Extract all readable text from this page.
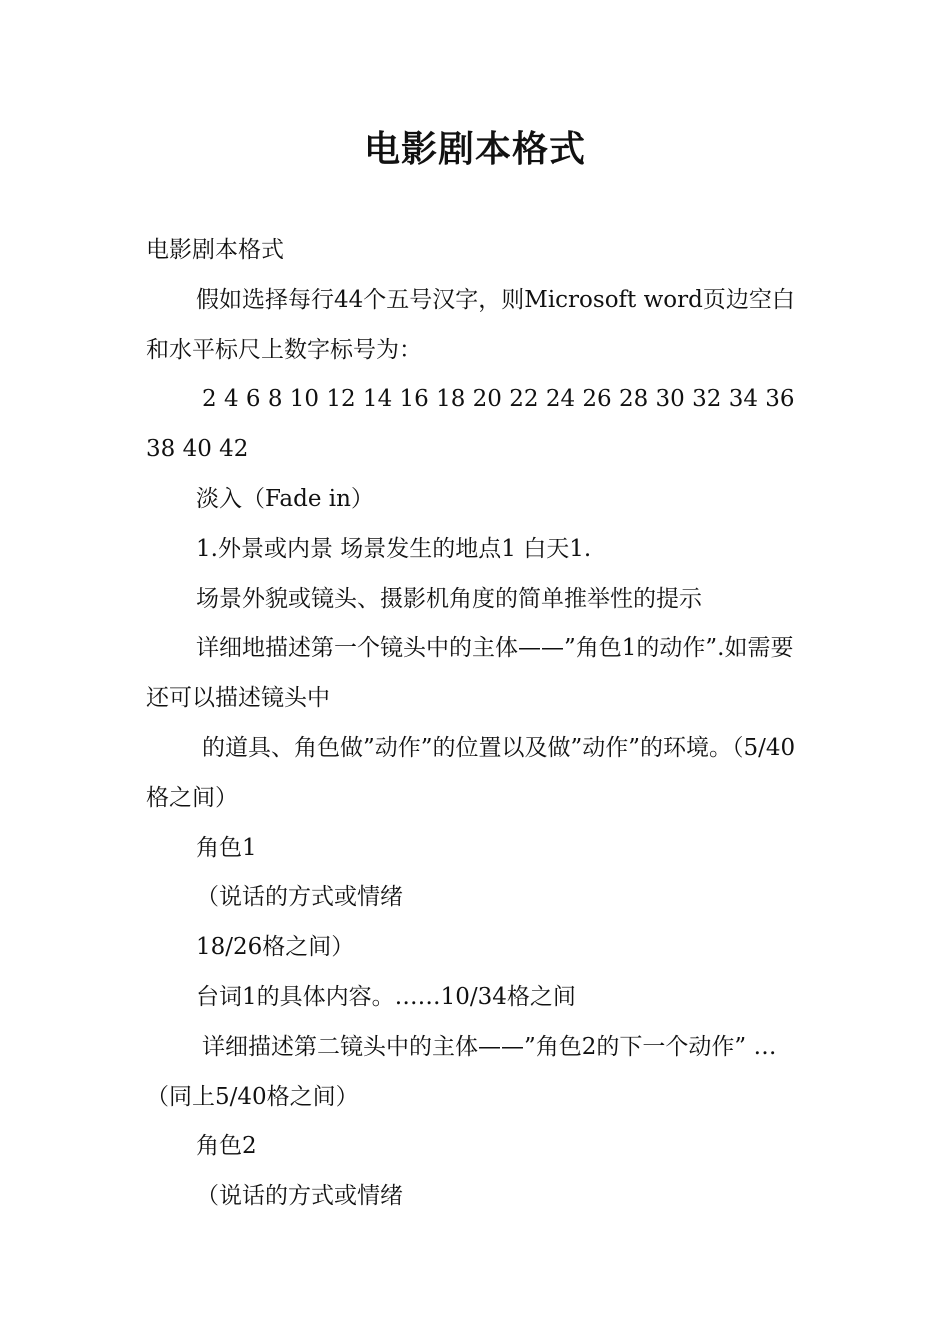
电影剧本格式

电影剧本格式

假如选择每行44个五号汉字，则Microsoft word页边空白和水平标尺上数字标号为：

2 4 6 8 10 12 14 16 18 20 22 24 26 28 30 32 34 36 38 40 42

淡入（Fade in）

1.外景或内景 场景发生的地点1 白天1.

场景外貌或镜头、摄影机角度的简单推举性的提示

详细地描述第一个镜头中的主体——”角色1的动作”.如需要还可以描述镜头中

的道具、角色做”动作”的位置以及做”动作”的环境。（5/40格之间）

角色1

（说话的方式或情绪

18/26格之间）

台词1的具体内容。……10/34格之间

详细描述第二镜头中的主体——”角色2的下一个动作” … （同上5/40格之间）

角色2

（说话的方式或情绪
